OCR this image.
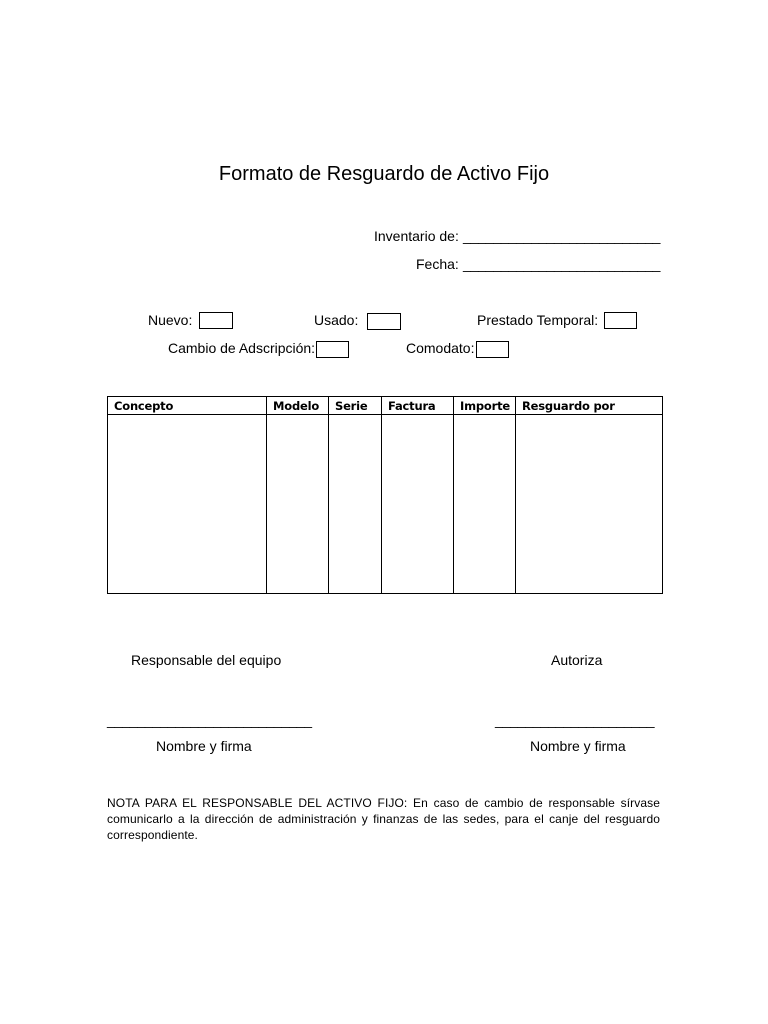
Formato de Resguardo de Activo Fijo
Inventario de: __________________________
Fecha: __________________________
Nuevo:	Usado:	Prestado Temporal:
Cambio de Adscripción:	Comodato:
Concepto	Modelo	Serie	Factura	Importe	Resguardo por

Responsable del equipo	Autoriza
___________________________	_____________________
Nombre y firma	Nombre y firma
NOTA PARA EL RESPONSABLE DEL ACTIVO FIJO: En caso de cambio de responsable sírvase comunicarlo a la dirección de administración y finanzas de las sedes, para el canje del resguardo correspondiente.
